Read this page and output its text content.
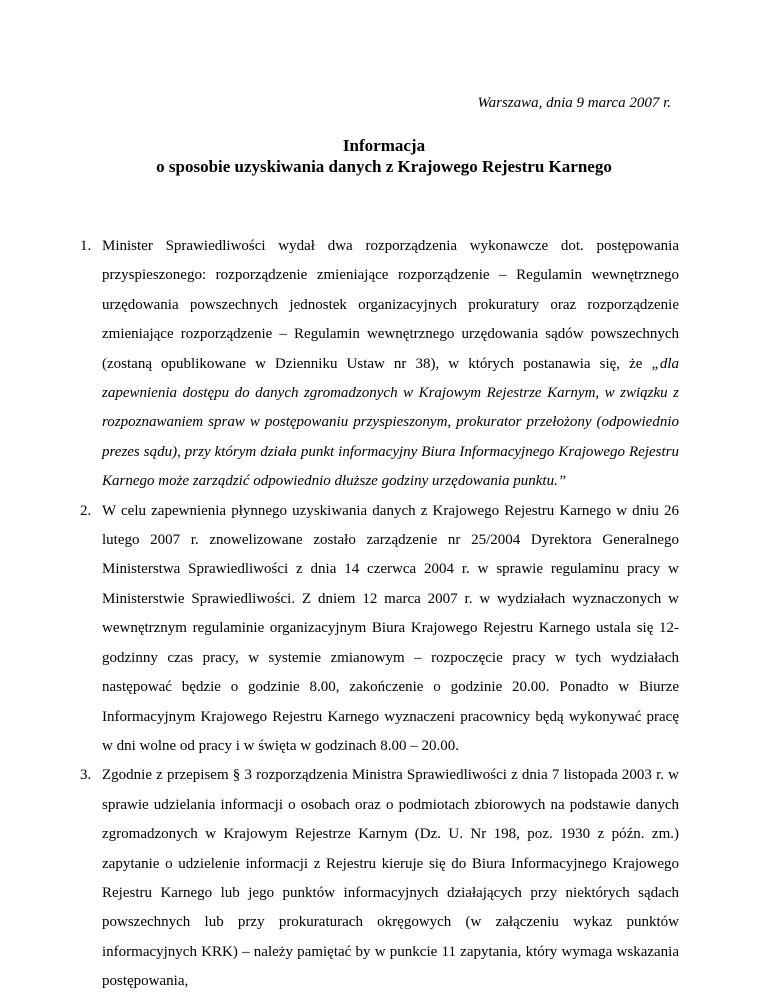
Warszawa, dnia 9 marca 2007 r.
Informacja
o sposobie uzyskiwania danych z Krajowego Rejestru Karnego
1. Minister Sprawiedliwości wydał dwa rozporządzenia wykonawcze dot. postępowania przyspieszonego: rozporządzenie zmieniające rozporządzenie – Regulamin wewnętrznego urzędowania powszechnych jednostek organizacyjnych prokuratury oraz rozporządzenie zmieniające rozporządzenie – Regulamin wewnętrznego urzędowania sądów powszechnych (zostaną opublikowane w Dzienniku Ustaw nr 38), w których postanawia się, że „dla zapewnienia dostępu do danych zgromadzonych w Krajowym Rejestrze Karnym, w związku z rozpoznawaniem spraw w postępowaniu przyspieszonym, prokurator przełożony (odpowiednio prezes sądu), przy którym działa punkt informacyjny Biura Informacyjnego Krajowego Rejestru Karnego może zarządzić odpowiednio dłuższe godziny urzędowania punktu.”

2. W celu zapewnienia płynnego uzyskiwania danych z Krajowego Rejestru Karnego w dniu 26 lutego 2007 r. znowelizowane zostało zarządzenie nr 25/2004 Dyrektora Generalnego Ministerstwa Sprawiedliwości z dnia 14 czerwca 2004 r. w sprawie regulaminu pracy w Ministerstwie Sprawiedliwości. Z dniem 12 marca 2007 r. w wydziałach wyznaczonych w wewnętrznym regulaminie organizacyjnym Biura Krajowego Rejestru Karnego ustala się 12-godzinny czas pracy, w systemie zmianowym – rozpoczęcie pracy w tych wydziałach następować będzie o godzinie 8.00, zakończenie o godzinie 20.00. Ponadto w Biurze Informacyjnym Krajowego Rejestru Karnego wyznaczeni pracownicy będą wykonywać pracę w dni wolne od pracy i w święta w godzinach 8.00 – 20.00.

3. Zgodnie z przepisem § 3 rozporządzenia Ministra Sprawiedliwości z dnia 7 listopada 2003 r. w sprawie udzielania informacji o osobach oraz o podmiotach zbiorowych na podstawie danych zgromadzonych w Krajowym Rejestrze Karnym (Dz. U. Nr 198, poz. 1930 z późn. zm.) zapytanie o udzielenie informacji z Rejestru kieruje się do Biura Informacyjnego Krajowego Rejestru Karnego lub jego punktów informacyjnych działających przy niektórych sądach powszechnych lub przy prokuraturach okręgowych (w załączeniu wykaz punktów informacyjnych KRK) – należy pamiętać by w punkcie 11 zapytania, który wymaga wskazania postępowania,
